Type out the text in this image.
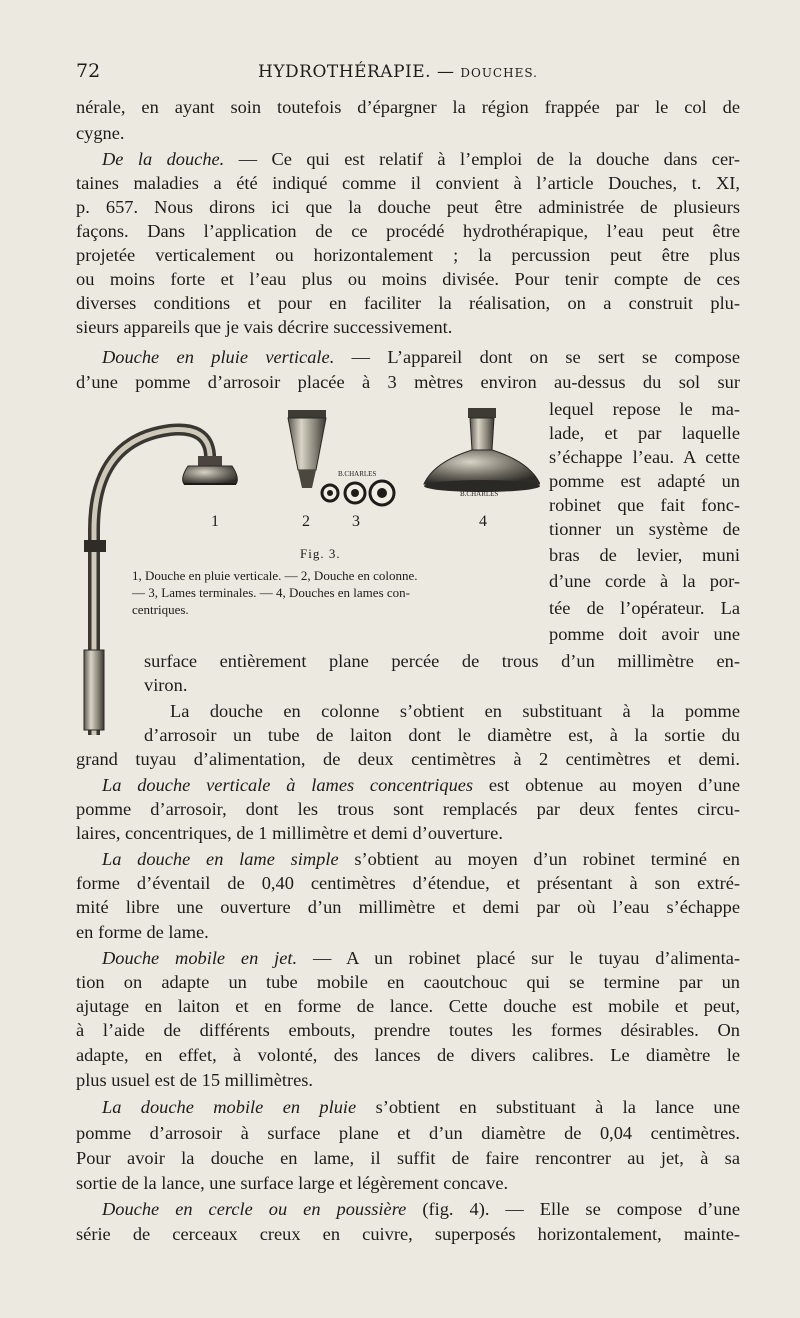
72	HYDROTHÉRAPIE. — DOUCHES.
nérale, en ayant soin toutefois d’épargner la région frappée par le col de
cygne.
De la douche. — Ce qui est relatif à l’emploi de la douche dans cer-
taines maladies a été indiqué comme il convient à l’article Douches, t. XI,
p. 657. Nous dirons ici que la douche peut être administrée de plusieurs
façons. Dans l’application de ce procédé hydrothérapique, l’eau peut être
projetée verticalement ou horizontalement ; la percussion peut être plus
ou moins forte et l’eau plus ou moins divisée. Pour tenir compte de ces
diverses conditions et pour en faciliter la réalisation, on a construit plu-
sieurs appareils que je vais décrire successivement.
Douche en pluie verticale. — L’appareil dont on se sert se compose
d’une pomme d’arrosoir placée à 3 mètres environ au-dessus du sol sur
lequel repose le ma-
lade, et par laquelle
s’échappe l’eau. A cette
pomme est adapté un
robinet que fait fonc-
tionner un système de
bras de levier, muni
d’une corde à la por-
tée de l’opérateur. La
pomme doit avoir une
surface entièrement plane percée de trous d’un millimètre en-
viron.
La douche en colonne s’obtient en substituant à la pomme
d’arrosoir un tube de laiton dont le diamètre est, à la sortie du
grand tuyau d’alimentation, de deux centimètres à 2 centimètres et demi.
La douche verticale à lames concentriques est obtenue au moyen d’une
pomme d’arrosoir, dont les trous sont remplacés par deux fentes circu-
laires, concentriques, de 1 millimètre et demi d’ouverture.
La douche en lame simple s’obtient au moyen d’un robinet terminé en
forme d’éventail de 0,40 centimètres d’étendue, et présentant à son extré-
mité libre une ouverture d’un millimètre et demi par où l’eau s’échappe
en forme de lame.
Douche mobile en jet. — A un robinet placé sur le tuyau d’alimenta-
tion on adapte un tube mobile en caoutchouc qui se termine par un
ajutage en laiton et en forme de lance. Cette douche est mobile et peut,
à l’aide de différents embouts, prendre toutes les formes désirables. On
adapte, en effet, à volonté, des lances de divers calibres. Le diamètre le
plus usuel est de 15 millimètres.
La douche mobile en pluie s’obtient en substituant à la lance une
pomme d’arrosoir à surface plane et d’un diamètre de 0,04 centimètres.
Pour avoir la douche en lame, il suffit de faire rencontrer au jet, à sa
sortie de la lance, une surface large et légèrement concave.
Douche en cercle ou en poussière (fig. 4). — Elle se compose d’une
série de cerceaux creux en cuivre, superposés horizontalement, mainte-
B.CHARLES
B.CHARLES
1	2	3	4
Fig. 3.
1, Douche en pluie verticale. — 2, Douche en colonne.
— 3, Lames terminales. — 4, Douches en lames con-
centriques.
